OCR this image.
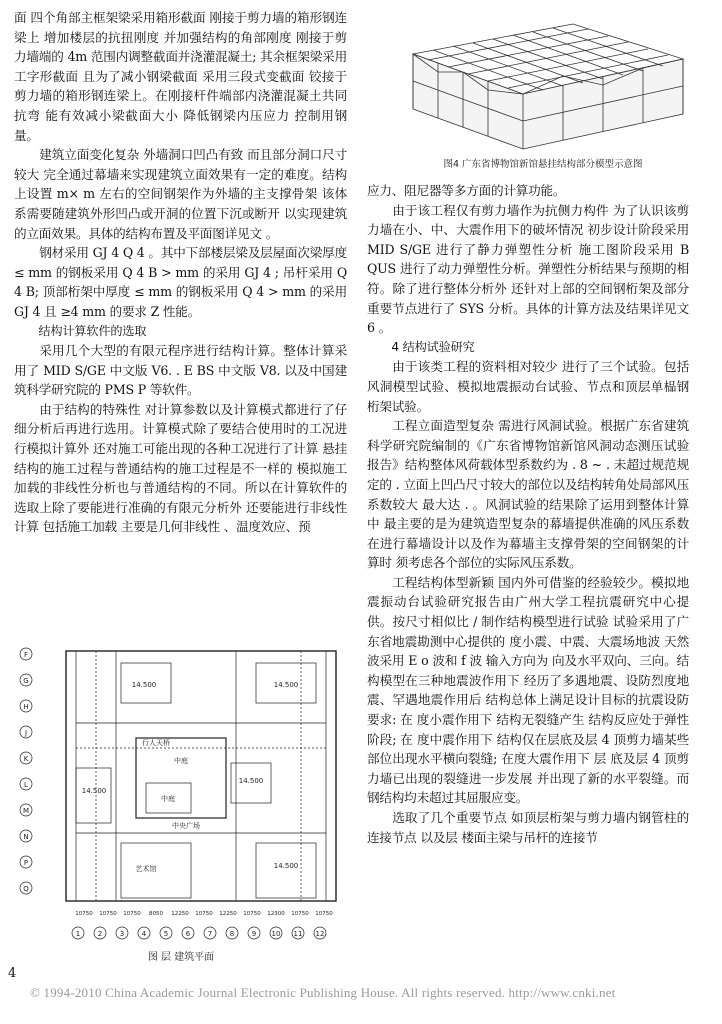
面 四个角部主框架梁采用箱形截面 刚接于剪力墙的箱形钢连梁上 增加楼层的抗扭刚度 并加强结构的角部刚度 刚接于剪力墙端的 4m 范围内调整截面并浇灌混凝土; 其余框架梁采用工字形截面 且为了减小钢梁截面 采用三段式变截面 铰接于剪力墙的箱形钢连梁上。在刚接杆件端部内浇灌混凝土共同抗弯 能有效减小梁截面大小 降低钢梁内压应力 控制用钢量。

建筑立面变化复杂 外墙洞口凹凸有致 而且部分洞口尺寸较大 完全通过幕墙来实现建筑立面效果有一定的难度。结构上设置 m× m 左右的空间钢架作为外墙的主支撑骨架 该体系需要随建筑外形凹凸或开洞的位置下沉或断开 以实现建筑的立面效果。具体的结构布置及平面图详见文 。

钢材采用 GJ 4 Q 4 。其中下部楼层梁及层屋面次梁厚度 ≤ mm 的钢板采用 Q 4 B > mm 的采用 GJ 4 ; 吊杆采用 Q 4 B; 顶部桁架中厚度 ≤ mm 的钢板采用 Q 4 > mm 的采用 GJ 4 且 ≥4 mm 的要求 Z 性能。

结构计算软件的选取

采用几个大型的有限元程序进行结构计算。整体计算采用了 MID S/GE 中文版 V6. . E BS 中文版 V8. 以及中国建筑科学研究院的 PMS P 等软件。

由于结构的特殊性 对计算参数以及计算模式都进行了仔细分析后再进行选用。计算模式除了要结合使用时的工况进行模拟计算外 还对施工可能出现的各种工况进行了计算 悬挂结构的施工过程与普通结构的施工过程是不一样的 模拟施工加载的非线性分析也与普通结构的不同。所以在计算软件的选取上除了要能进行准确的有限元分析外 还要能进行非线性计算 包括施工加载 主要是几何非线性 、温度效应、预

应力、阻尼器等多方面的计算功能。

由于该工程仅有剪力墙作为抗侧力构件 为了认识该剪力墙在小、中、大震作用下的破坏情况 初步设计阶段采用 MID S/GE 进行了静力弹塑性分析 施工图阶段采用 B QUS 进行了动力弹塑性分析。弹塑性分析结果与预期的相符。除了进行整体分析外 还针对上部的空间钢桁架及部分重要节点进行了 SYS 分析。具体的计算方法及结果详见文 6 。

4 结构试验研究

由于该类工程的资料相对较少 进行了三个试验。包括风洞模型试验、模拟地震振动台试验、节点和顶层单榀钢桁架试验。

工程立面造型复杂 需进行风洞试验。根据广东省建筑科学研究院编制的《广东省博物馆新馆风洞动态测压试验报告》结构整体风荷载体型系数约为 . 8 ~ . 未超过规范规定的 . 立面上凹凸尺寸较大的部位以及结构转角处局部风压系数较大 最大达 . 。风洞试验的结果除了运用到整体计算中 最主要的是为建筑造型复杂的幕墙提供准确的风压系数 在进行幕墙设计以及作为幕墙主支撑骨架的空间钢架的计算时 须考虑各个部位的实际风压系数。

工程结构体型新颖 国内外可借鉴的经验较少。模拟地震振动台试验研究报告由广州大学工程抗震研究中心提供。按尺寸相似比 / 制作结构模型进行试验 试验采用了广东省地震勘测中心提供的 度小震、中震、大震场地波 天然波采用 E o 波和 f 波 输入方向为 向及水平双向、三向。结构模型在三种地震波作用下 经历了多遇地震、设防烈度地震、罕遇地震作用后 结构总体上满足设计目标的抗震设防要求: 在 度小震作用下 结构无裂缝产生 结构反应处于弹性阶段; 在 度中震作用下 结构仅在层底及层 4 顶剪力墙某些部位出现水平横向裂缝; 在度大震作用下 层 底及层 4 顶剪力墙已出现的裂缝进一步发展 并出现了新的水平裂缝。而钢结构均未超过其屈服应变。

选取了几个重要节点 如顶层桁架与剪力墙内钢管柱的连接节点 以及层 楼面主梁与吊杆的连接节

图4 广东省博物馆新馆悬挂结构部分模型示意图
F
G
H
J
K
L
M
N
P
Q
1	2	3	4	5	6	7	8	9 10 11 12
艺术馆
中庭
中庭
中央广场
行人天桥
14.500	14.500
14.500
14.500
14.500
10750 10750 10750 8050 12250 10750 12250 10750 12300 10750 10750
图 层 建筑平面
4
© 1994-2010 China Academic Journal Electronic Publishing House. All rights reserved. http://www.cnki.net
